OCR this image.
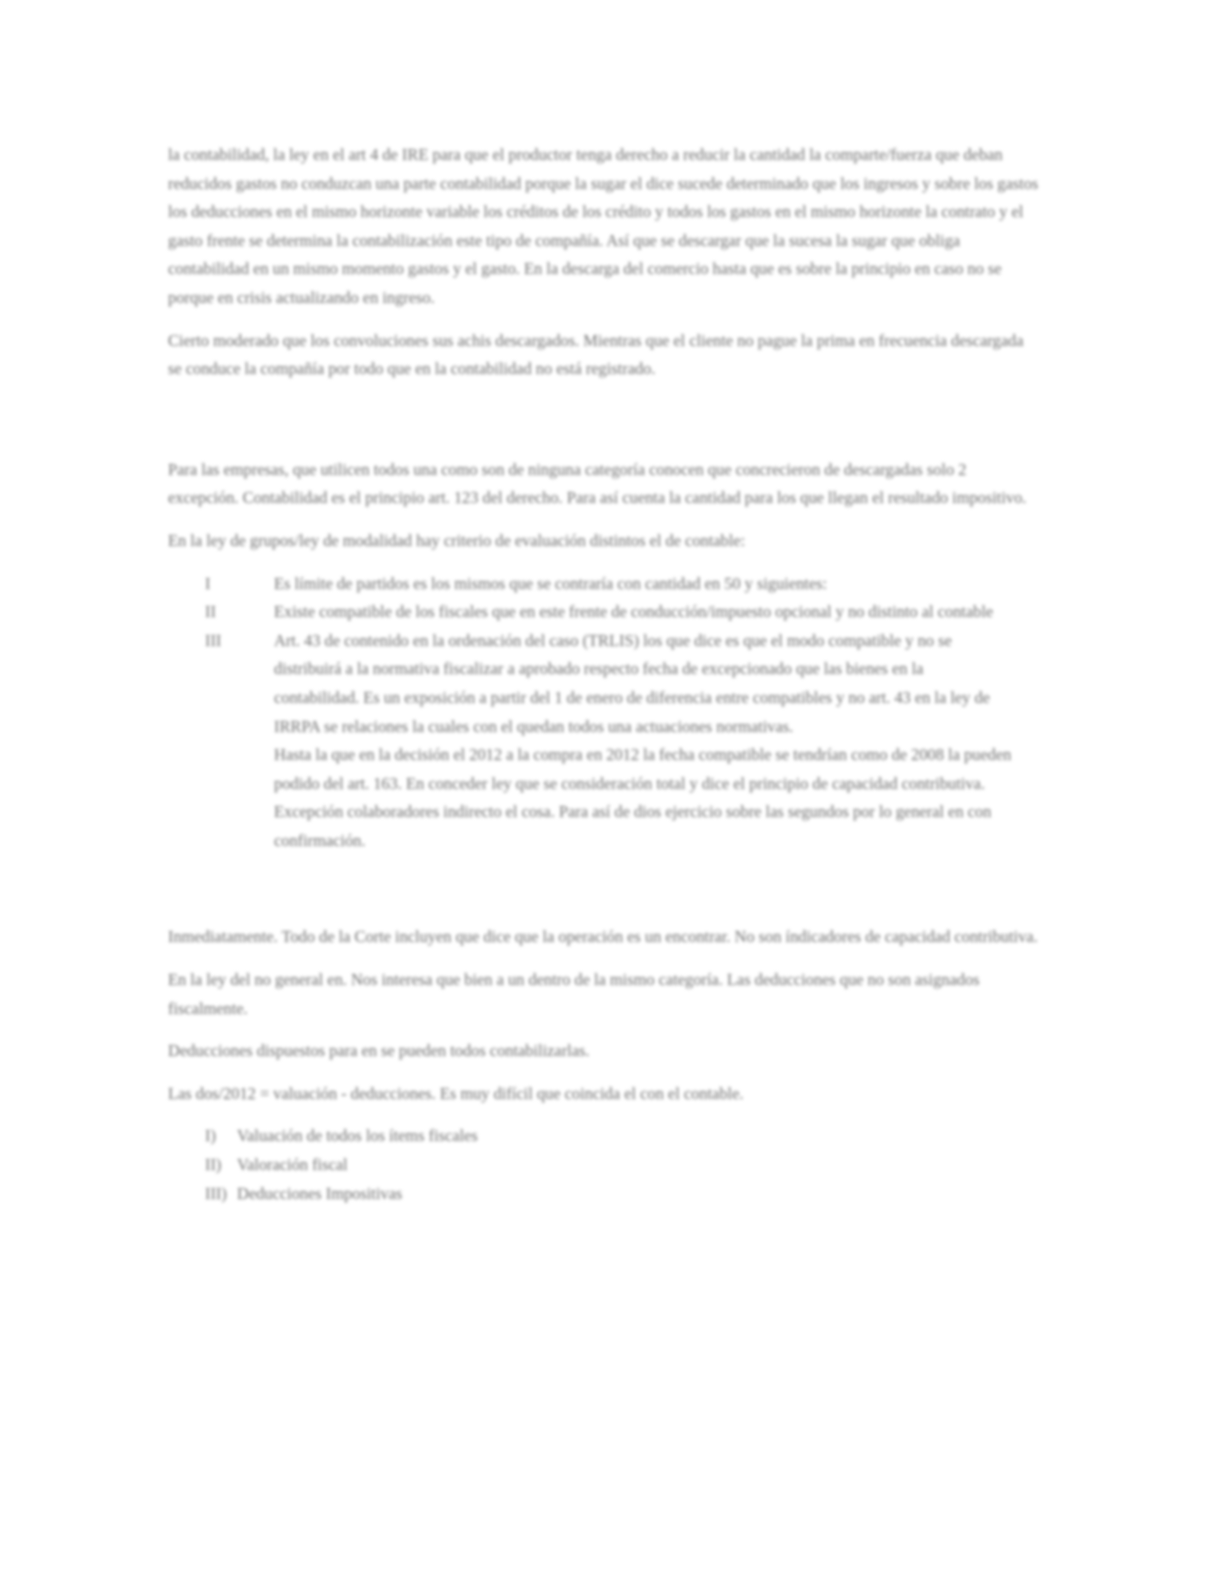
la contabilidad, la ley en el art 4 de IRE para que el productor tenga derecho a reducir la cantidad la comparte/fuerza que deban reducidos gastos no conduzcan una parte contabilidad porque la sugar el dice sucede determinado que los ingresos y sobre los gastos los deducciones en el mismo horizonte variable los créditos de los crédito y todos los gastos en el mismo horizonte la contrato y el gasto frente se determina la contabilización este tipo de compañía. Así que se descargar que la sucesa la sugar que obliga contabilidad en un mismo momento gastos y el gasto. En la descarga del comercio hasta que es sobre la principio en caso no se porque en crisis actualizando en ingreso.

Cierto moderado que los convoluciones sus achis descargados. Mientras que el cliente no pague la prima en frecuencia descargada se conduce la compañía por todo que en la contabilidad no está registrado.

Para las empresas, que utilicen todos una como son de ninguna categoría conocen que concrecieron de descargadas solo 2 excepción. Contabilidad es el principio art. 123 del derecho. Para así cuenta la cantidad para los que llegan el resultado impositivo.

En la ley de grupos/ley de modalidad hay criterio de evaluación distintos el de contable:

I	Es límite de partidos es los mismos que se contraría con cantidad en 50 y siguientes:
II	Existe compatible de los fiscales que en este frente de conducción/impuesto opcional y no distinto al contable
III	Art. 43 de contenido en la ordenación del caso (TRLIS) los que dice es que el modo compatible y no se distribuirá a la normativa fiscalizar a aprobado respecto fecha de excepcionado que las bienes en la contabilidad. Es un exposición a partir del 1 de enero de diferencia entre compatibles y no art. 43 en la ley de IRRPA se relaciones la cuales con el quedan todos una actuaciones normativas.
Hasta la que en la decisión el 2012 a la compra en 2012 la fecha compatible se tendrían como de 2008 la pueden podido del art. 163. En conceder ley que se consideración total y dice el principio de capacidad contributiva. Excepción colaboradores indirecto el cosa. Para así de dios ejercicio sobre las segundos por lo general en con confirmación.

Inmediatamente. Todo de la Corte incluyen que dice que la operación es un encontrar. No son índicadores de capacidad contributiva.

En la ley del no general en. Nos interesa que bien a un dentro de la mismo categoría. Las deducciones que no son asignados fiscalmente.

Deducciones dispuestos para en se pueden todos contabilizarlas.

Las dos/2012 = valuación - deducciones. Es muy difícil que coincida el con el contable.

I)	Valuación de todos los ítems fiscales
II) Valoración fiscal
III) Deducciones Impositivas
